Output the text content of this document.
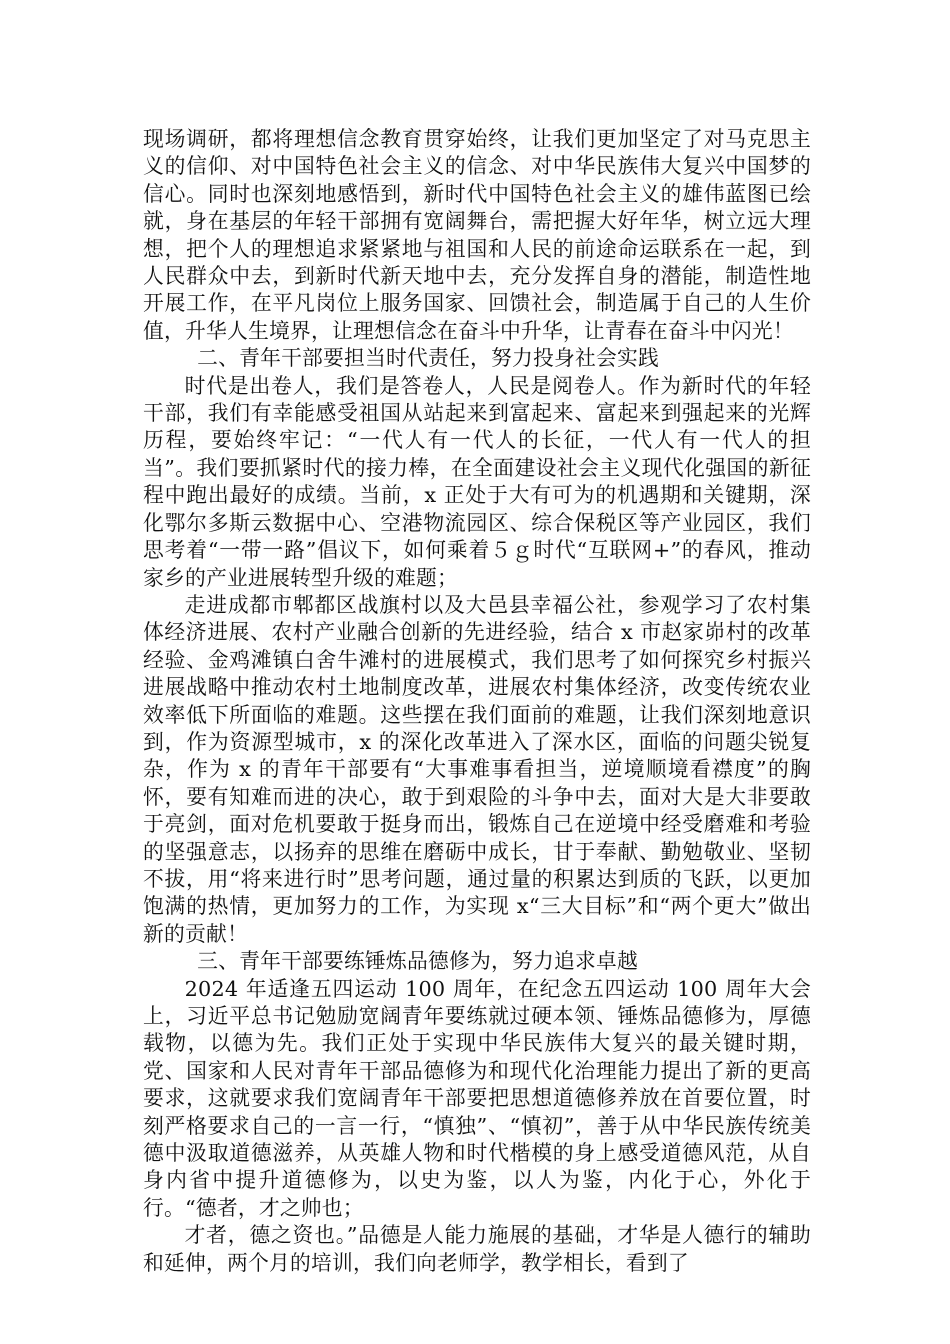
现场调研，都将理想信念教育贯穿始终，让我们更加坚定了对马克思主义的信仰、对中国特色社会主义的信念、对中华民族伟大复兴中国梦的信心。同时也深刻地感悟到，新时代中国特色社会主义的雄伟蓝图已绘就，身在基层的年轻干部拥有宽阔舞台，需把握大好年华，树立远大理想，把个人的理想追求紧紧地与祖国和人民的前途命运联系在一起，到人民群众中去，到新时代新天地中去，充分发挥自身的潜能，制造性地开展工作，在平凡岗位上服务国家、回馈社会，制造属于自己的人生价值，升华人生境界，让理想信念在奋斗中升华，让青春在奋斗中闪光！

二、青年干部要担当时代责任，努力投身社会实践

时代是出卷人，我们是答卷人，人民是阅卷人。作为新时代的年轻干部，我们有幸能感受祖国从站起来到富起来、富起来到强起来的光辉历程，要始终牢记：“一代人有一代人的长征，一代人有一代人的担当”。我们要抓紧时代的接力棒，在全面建设社会主义现代化强国的新征程中跑出最好的成绩。当前，x 正处于大有可为的机遇期和关键期，深化鄂尔多斯云数据中心、空港物流园区、综合保税区等产业园区，我们思考着“一带一路”倡议下，如何乘着５ｇ时代“互联网+”的春风，推动家乡的产业进展转型升级的难题；

走进成都市郫都区战旗村以及大邑县幸福公社，参观学习了农村集体经济进展、农村产业融合创新的先进经验，结合 x 市赵家峁村的改革经验、金鸡滩镇白舍牛滩村的进展模式，我们思考了如何探究乡村振兴进展战略中推动农村土地制度改革，进展农村集体经济，改变传统农业效率低下所面临的难题。这些摆在我们面前的难题，让我们深刻地意识到，作为资源型城市，x 的深化改革进入了深水区，面临的问题尖锐复杂，作为 x 的青年干部要有“大事难事看担当，逆境顺境看襟度”的胸怀，要有知难而进的决心，敢于到艰险的斗争中去，面对大是大非要敢于亮剑，面对危机要敢于挺身而出，锻炼自己在逆境中经受磨难和考验的坚强意志，以扬弃的思维在磨砺中成长，甘于奉献、勤勉敬业、坚韧不拔，用“将来进行时”思考问题，通过量的积累达到质的飞跃，以更加饱满的热情，更加努力的工作，为实现 x“三大目标”和“两个更大”做出新的贡献！

三、青年干部要练锤炼品德修为，努力追求卓越

2024 年适逢五四运动 100 周年，在纪念五四运动 100 周年大会上，习近平总书记勉励宽阔青年要练就过硬本领、锤炼品德修为，厚德载物，以德为先。我们正处于实现中华民族伟大复兴的最关键时期，党、国家和人民对青年干部品德修为和现代化治理能力提出了新的更高要求，这就要求我们宽阔青年干部要把思想道德修养放在首要位置，时刻严格要求自己的一言一行，“慎独”、“慎初”，善于从中华民族传统美德中汲取道德滋养，从英雄人物和时代楷模的身上感受道德风范，从自身内省中提升道德修为，以史为鉴，以人为鉴，内化于心，外化于行。“德者，才之帅也；

才者，德之资也。”品德是人能力施展的基础，才华是人德行的辅助和延伸，两个月的培训，我们向老师学，教学相长，看到了
